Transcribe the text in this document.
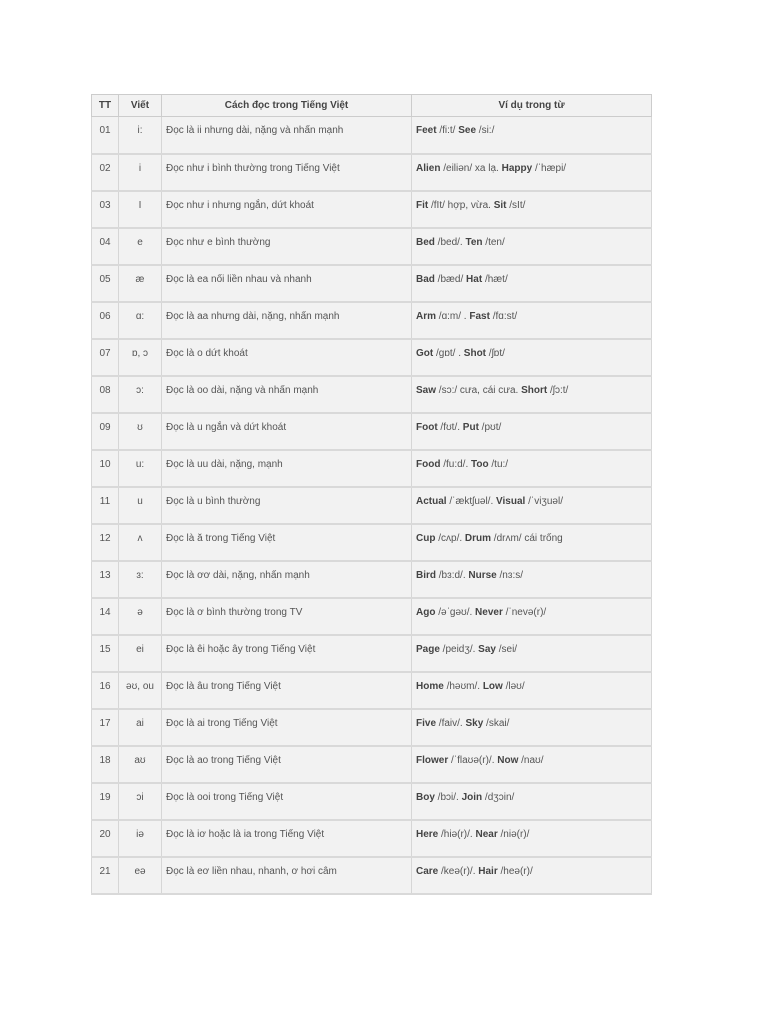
TT	Viết	Cách đọc trong Tiếng Việt	Ví dụ trong từ
01	i:	Đọc là ii nhưng dài, nặng và nhấn mạnh	Feet /fi:t/ See /si:/
02	i	Đọc như i bình thường trong Tiếng Việt	Alien /eiliən/ xa lạ. Happy /ˈhæpi/
03	I	Đọc như i nhưng ngắn, dứt khoát	Fit /fIt/ hợp, vừa. Sit /sIt/
04	e	Đọc như e bình thường	Bed /bed/. Ten /ten/
05	æ	Đọc là ea nối liền nhau và nhanh	Bad /bæd/ Hat /hæt/
06	ɑ:	Đọc là aa nhưng dài, nặng, nhấn mạnh	Arm /ɑ:m/ . Fast /fɑ:st/
07	ɒ, ɔ	Đọc là o dứt khoát	Got /gɒt/ . Shot /ʃɒt/
08	ɔ:	Đọc là oo dài, nặng và nhấn mạnh	Saw /sɔ:/ cưa, cái cưa. Short /ʃɔ:t/
09	ʊ	Đọc là u ngắn và dứt khoát	Foot /fʊt/. Put /pʊt/
10	u:	Đọc là uu dài, nặng, mạnh	Food /fu:d/. Too /tu:/
11	u	Đọc là u bình thường	Actual /ˈæktʃuəl/. Visual /ˈviʒuəl/
12	ʌ	Đọc là ă trong Tiếng Việt	Cup /cʌp/. Drum /drʌm/ cái trống
13	ɜ:	Đọc là ơơ dài, nặng, nhấn mạnh	Bird /bɜ:d/. Nurse /nɜ:s/
14	ə	Đọc là ơ bình thường trong TV	Ago /əˈgəʊ/. Never /ˈnevə(r)/
15	ei	Đọc là êi hoặc ây trong Tiếng Việt	Page /peidʒ/. Say /sei/
16	əʊ, ou	Đọc là âu trong Tiếng Việt	Home /həʊm/. Low /ləʊ/
17	ai	Đọc là ai trong Tiếng Việt	Five /faiv/. Sky /skai/
18	aʊ	Đọc là ao trong Tiếng Việt	Flower /ˈflaʊə(r)/. Now /naʊ/
19	ɔi	Đọc là ooi trong Tiếng Việt	Boy /bɔi/. Join /dʒɔin/
20	iə	Đọc là iơ hoặc là ia trong Tiếng Việt	Here /hiə(r)/. Near /niə(r)/
21	eə	Đọc là eơ liền nhau, nhanh, ơ hơi câm	Care /keə(r)/. Hair /heə(r)/
